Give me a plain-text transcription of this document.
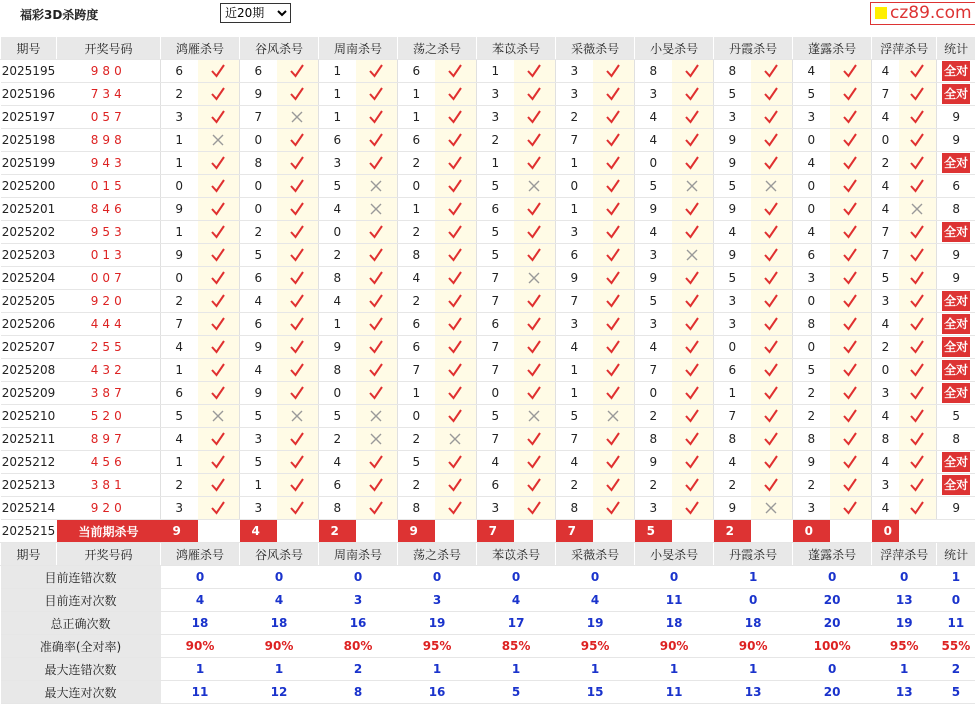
福彩3D杀跨度
近20期	cz89.com
期号	开奖号码	鸿雁杀号		谷风杀号		周南杀号		荡之杀号		苯苡杀号		采薇杀号		小旻杀号		丹霞杀号		蓬露杀号		浮萍杀号		统计
2025195	980	6		6		1		6		1		3		8		8		4		4		全对
2025196	734	2		9		1		1		3		3		3		5		5		7		全对
2025197	057	3		7		1		1		3		2		4		3		3		4		9
2025198	898	1		0		6		6		2		7		4		9		0		0		9
2025199	943	1		8		3		2		1		1		0		9		4		2		全对
2025200	015	0		0		5		0		5		0		5		5		0		4		6
2025201	846	9		0		4		1		6		1		9		9		0		4		8
2025202	953	1		2		0		2		5		3		4		4		4		7		全对
2025203	013	9		5		2		8		5		6		3		9		6		7		9
2025204	007	0		6		8		4		7		9		9		5		3		5		9
2025205	920	2		4		4		2		7		7		5		3		0		3		全对
2025206	444	7		6		1		6		6		3		3		3		8		4		全对
2025207	255	4		9		9		6		7		4		4		0		0		2		全对
2025208	432	1		4		8		7		7		1		7		6		5		0		全对
2025209	387	6		9		0		1		0		1		0		1		2		3		全对
2025210	520	5		5		5		0		5		5		2		7		2		4		5
2025211	897	4		3		2		2		7		7		8		8		8		8		8
2025212	456	1		5		4		5		4		4		9		4		9		4		全对
2025213	381	2		1		6		2		6		2		2		2		2		3		全对
2025214	920	3		3		8		8		3		8		3		9		3		4		9
2025215	当前期杀号	9		4		2		9		7		7		5		2		0		0		
期号	开奖号码	鸿雁杀号		谷风杀号		周南杀号		荡之杀号		苯苡杀号		采薇杀号		小旻杀号		丹霞杀号		蓬露杀号		浮萍杀号		统计
目前连错次数		0		0		0		0		0		0		0		1		0		0		1
目前连对次数		4		4		3		3		4		4		11		0		20		13		0
总正确次数		18		18		16		19		17		19		18		18		20		19		11
准确率(全对率)		90%		90%		80%		95%		85%		95%		90%		90%		100%		95%		55%
最大连错次数		1		1		2		1		1		1		1		1		0		1		2
最大连对次数		11		12		8		16		5		15		11		13		20		13		5
